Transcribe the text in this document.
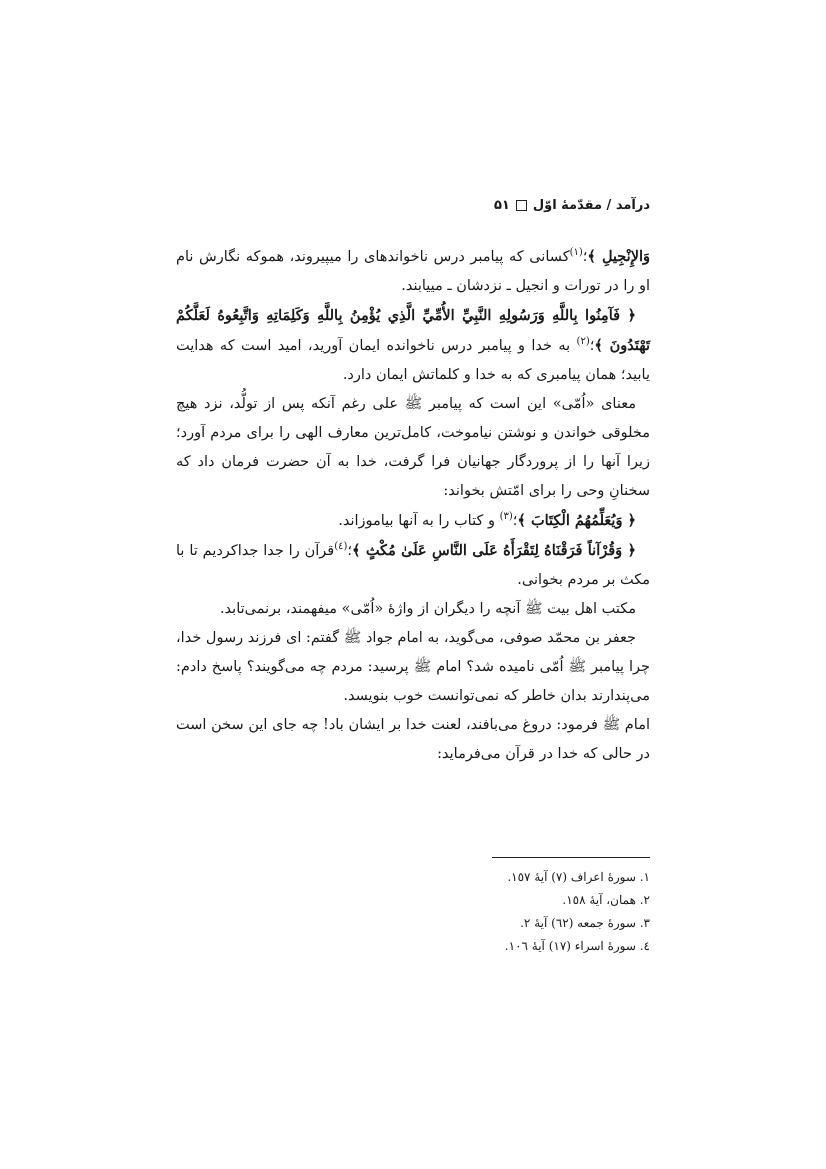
درآمد / مقدّمهٔ اوّل
۵۱

وَالإِنْجِيلِ ﴾؛$^{(۱)}$کسانی که پیامبر درس ناخواندهای را میپیروند، هموکه نگارش نام او را در تورات و انجیل ـ نزدشان ـ مییابند.

﴿ فَآمِنُوا بِاللَّهِ وَرَسُولِهِ النَّبِيِّ الأُمِّيِّ الَّذِي يُؤْمِنُ بِاللَّهِ وَكَلِمَاتِهِ وَاتَّبِعُوهُ لَعَلَّكُمْ تَهْتَدُونَ ﴾؛$^{(۲)}$ به خدا و پیامبر درس ناخوانده ایمان آورید، امید است که هدایت یابید؛ همان پیامبری که به خدا و کلماتش ایمان دارد.

معنای «اُمّی» این است که پیامبر ﷺ علی رغم آنکه پس از تولُّد، نزد هیچ مخلوقی خواندن و نوشتن نیاموخت، کامل‌ترین معارف الهی را برای مردم آورد؛ زیرا آنها را از پروردگار جهانیان فرا گرفت، خدا به آن حضرت فرمان داد که سخنانِ وحی را برای امّتش بخواند:

﴿ وَيُعَلِّمُهُمُ الْكِتَابَ ﴾؛$^{(۳)}$ و کتاب را به آنها بیاموزاند.

﴿ وَقُرْآناً فَرَقْنَاهُ لِتَقْرَأَهُ عَلَى النَّاسِ عَلَىٰ مُكْثٍ ﴾؛$^{(٤)}$قرآن را جدا جداکردیم تا با مکث بر مردم بخوانی.

مکتب اهل بیت ﷺ آنچه را دیگران از واژهٔ «اُمّی» میفهمند، برنمی‌تابد.

جعفر بن محمّد صوفی، می‌گوید، به امام جواد ﷺ گفتم: ای فرزند رسول خدا، چرا پیامبر ﷺ اُمّی نامیده شد؟ امام ﷺ پرسید: مردم چه می‌گویند؟ پاسخ دادم: می‌پندارند بدان خاطر که نمی‌توانست خوب بنویسد.

امام ﷺ فرمود: دروغ می‌بافند، لعنت خدا بر ایشان باد! چه جای این سخن است در حالی که خدا در قرآن می‌فرماید:

١. سورهٔ اعراف (٧) آیهٔ ١٥٧.
٢. همان، آیهٔ ١٥٨.
٣. سورهٔ جمعه (٦٢) آیهٔ ٢.
٤. سورهٔ اسراء (١٧) آیهٔ ١٠٦.
